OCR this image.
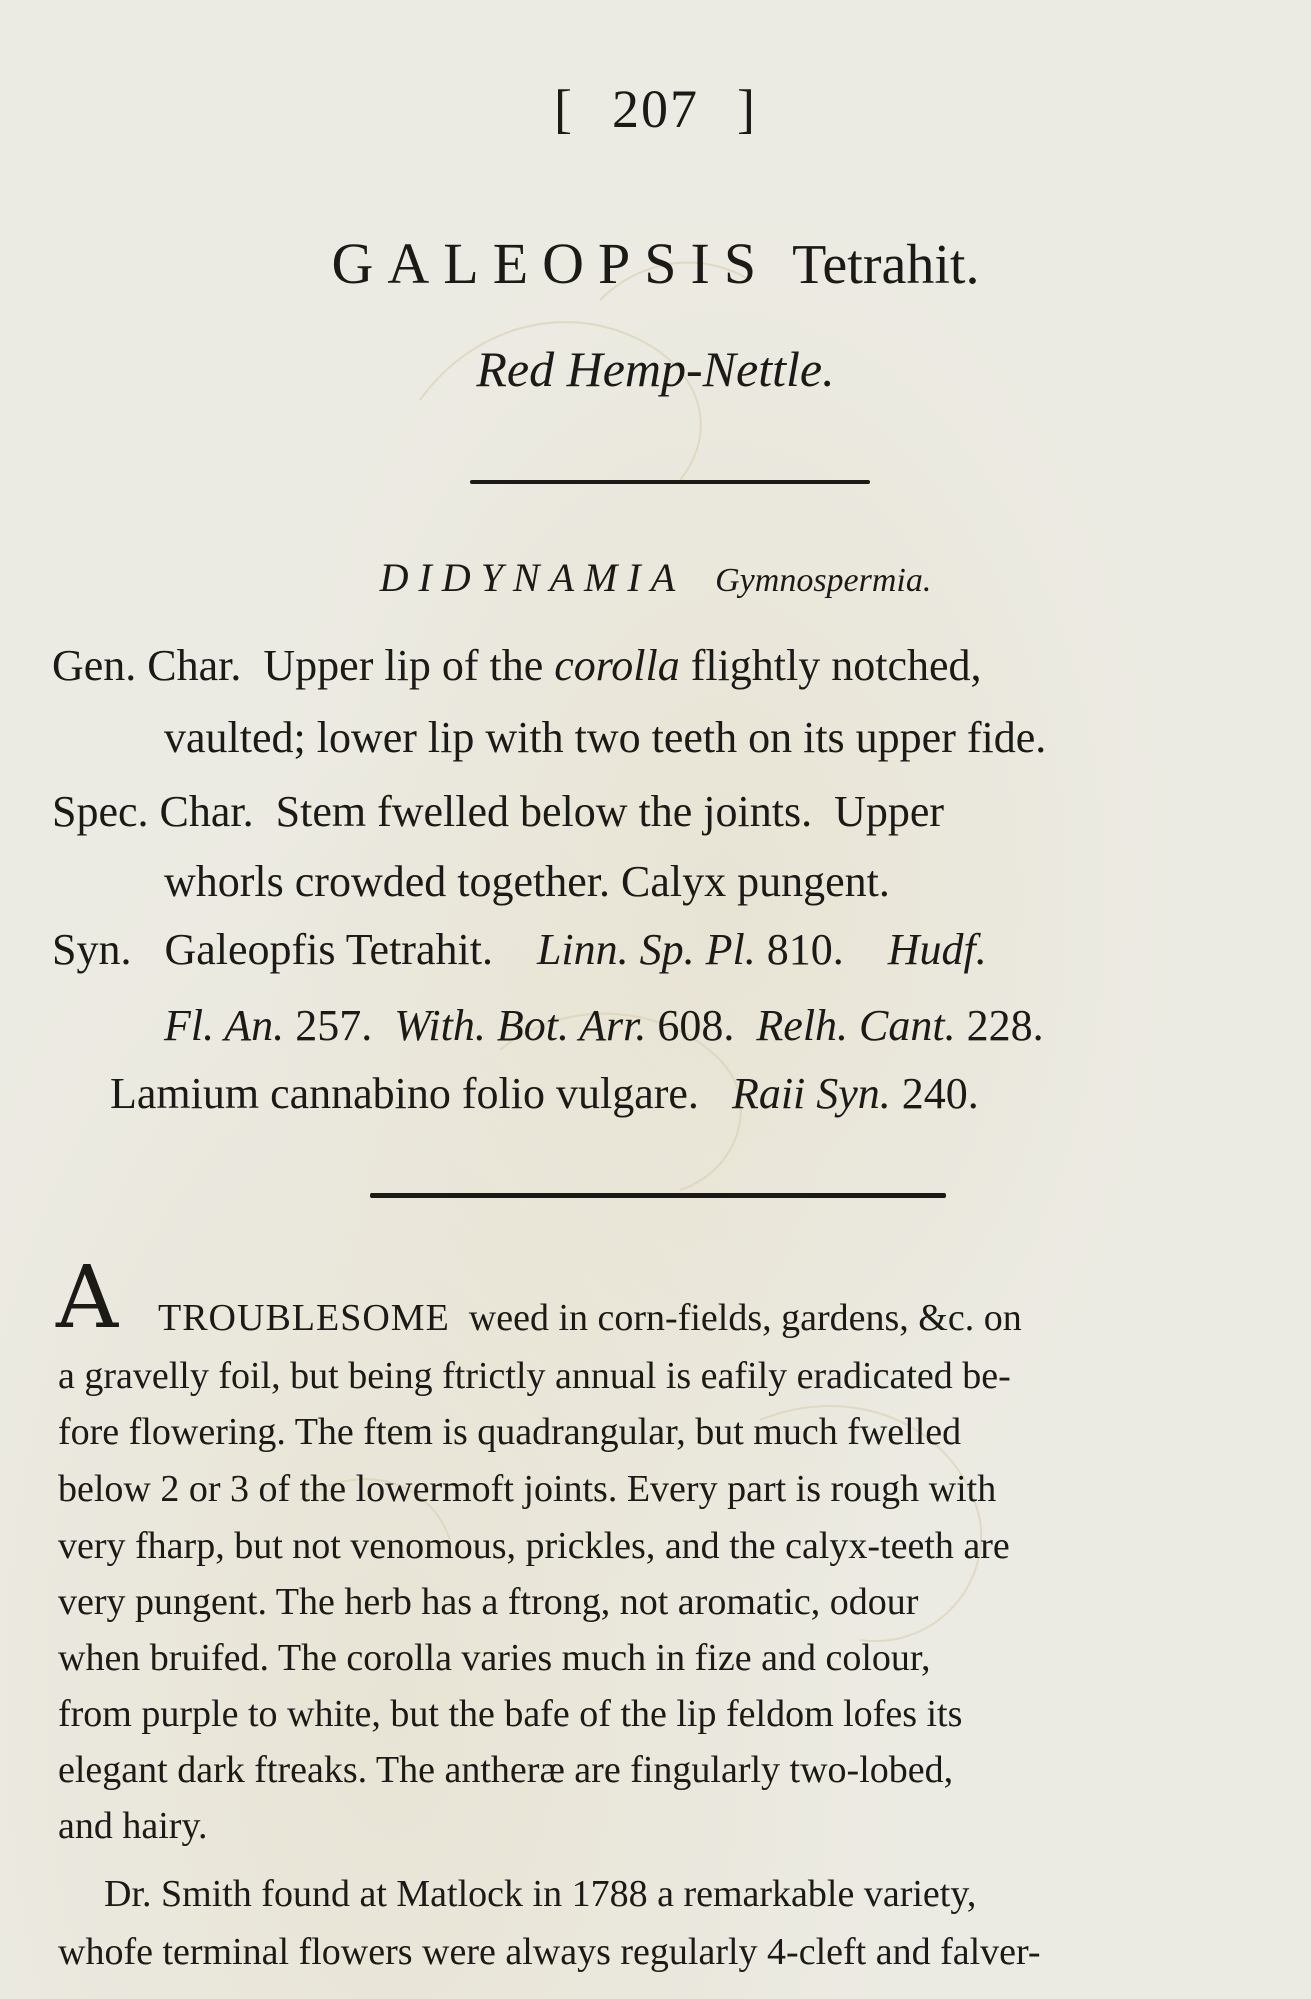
[ 207 ]
GALEOPSIS Tetrahit.
Red Hemp-Nettle.
DIDYNAMIA Gymnospermia.
Gen. Char. Upper lip of the corolla flightly notched,
vaulted; lower lip with two teeth on its upper fide.
Spec. Char. Stem fwelled below the joints.  Upper
whorls crowded together. Calyx pungent.
Syn. Galeopfis Tetrahit. Linn. Sp. Pl. 810. Hudf.
Fl. An. 257. With. Bot. Arr. 608. Relh. Cant. 228.
Lamium cannabino folio vulgare. Raii Syn. 240.
A TROUBLESOME weed in corn-fields, gardens, &c. on
a gravelly foil, but being ftrictly annual is eafily eradicated be-
fore flowering. The ftem is quadrangular, but much fwelled
below 2 or 3 of the lowermoft joints. Every part is rough with
very fharp, but not venomous, prickles, and the calyx-teeth are
very pungent. The herb has a ftrong, not aromatic, odour
when bruifed. The corolla varies much in fize and colour,
from purple to white, but the bafe of the lip feldom lofes its
elegant dark ftreaks. The antheræ are fingularly two-lobed,
and hairy.
Dr. Smith found at Matlock in 1788 a remarkable variety,
whofe terminal flowers were always regularly 4-cleft and falver-
